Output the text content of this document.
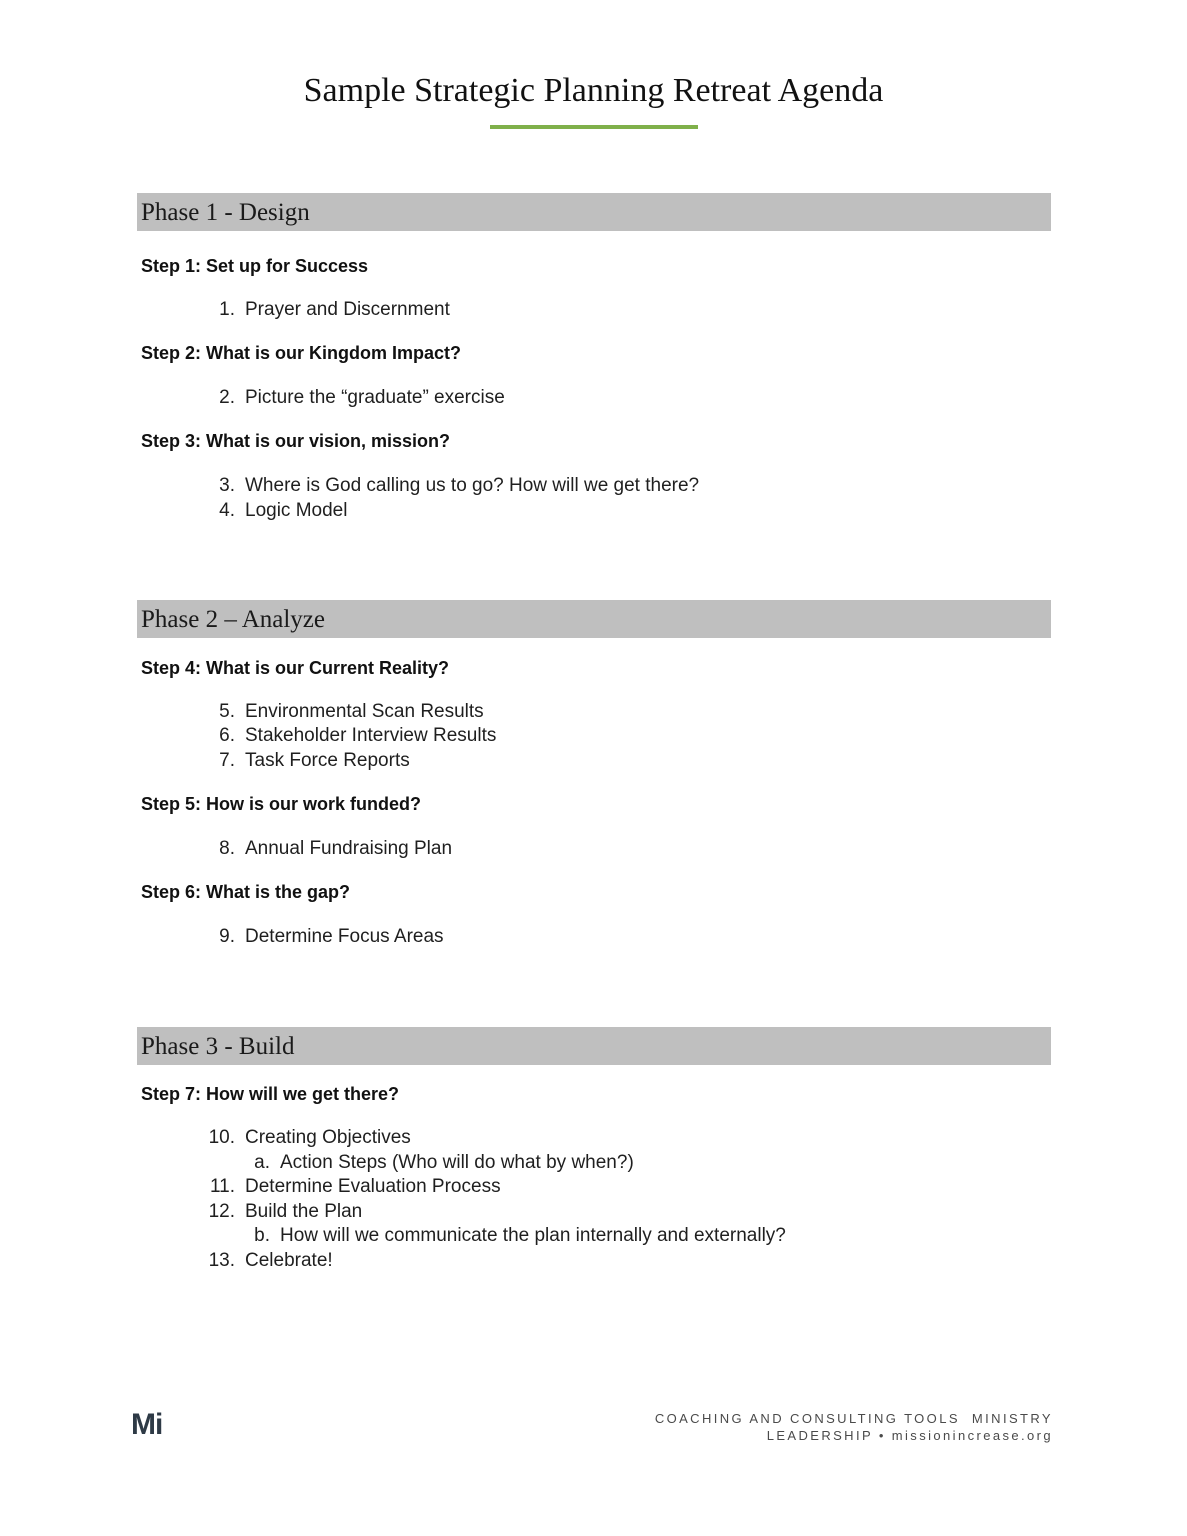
Sample Strategic Planning Retreat Agenda
Phase 1 - Design
Step 1: Set up for Success
1. Prayer and Discernment
Step 2: What is our Kingdom Impact?
2. Picture the “graduate” exercise
Step 3: What is our vision, mission?
3. Where is God calling us to go? How will we get there?
4. Logic Model
Phase 2 – Analyze
Step 4: What is our Current Reality?
5. Environmental Scan Results
6. Stakeholder Interview Results
7. Task Force Reports
Step 5: How is our work funded?
8. Annual Fundraising Plan
Step 6: What is the gap?
9. Determine Focus Areas
Phase 3 - Build
Step 7: How will we get there?
10. Creating Objectives
a. Action Steps (Who will do what by when?)
11. Determine Evaluation Process
12. Build the Plan
b. How will we communicate the plan internally and externally?
13. Celebrate!
Mi	COACHING AND CONSULTING TOOLS  MINISTRY
LEADERSHIP • missionincrease.org
